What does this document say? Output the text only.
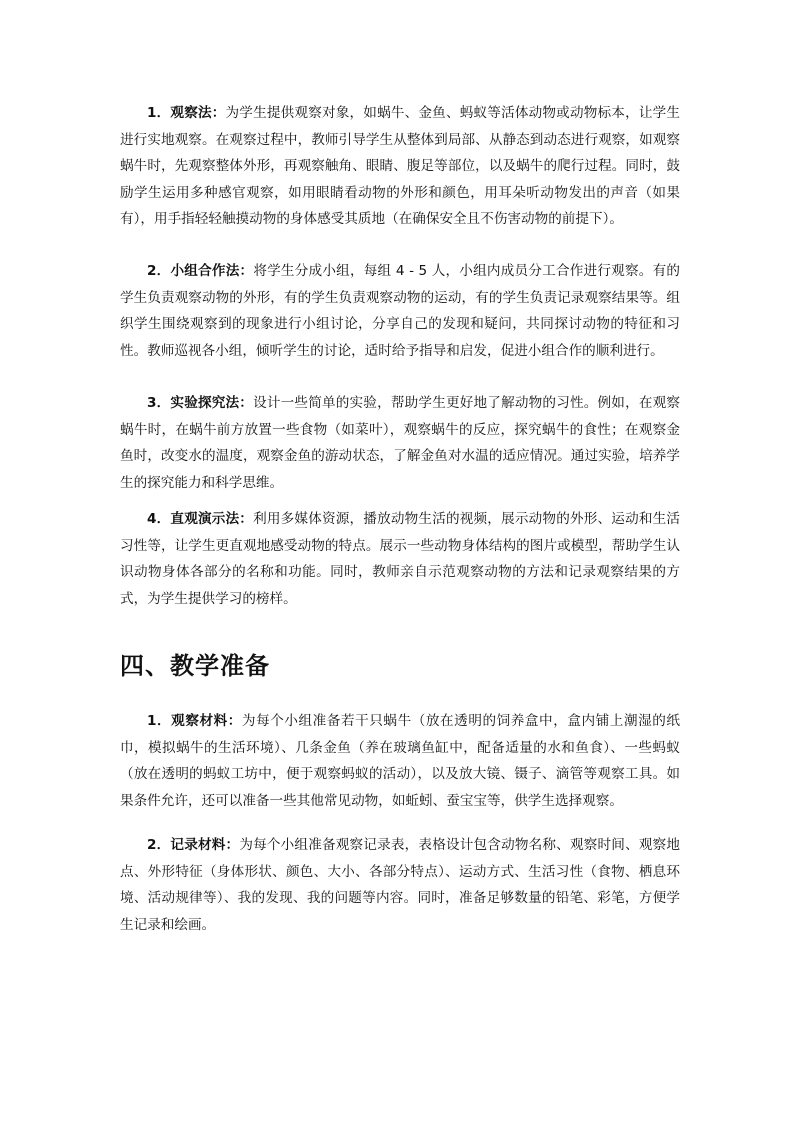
1．观察法：为学生提供观察对象，如蜗牛、金鱼、蚂蚁等活体动物或动物标本，让学生进行实地观察。在观察过程中，教师引导学生从整体到局部、从静态到动态进行观察，如观察蜗牛时，先观察整体外形，再观察触角、眼睛、腹足等部位，以及蜗牛的爬行过程。同时，鼓励学生运用多种感官观察，如用眼睛看动物的外形和颜色，用耳朵听动物发出的声音（如果有），用手指轻轻触摸动物的身体感受其质地（在确保安全且不伤害动物的前提下）。

2．小组合作法：将学生分成小组，每组 4 - 5 人，小组内成员分工合作进行观察。有的学生负责观察动物的外形，有的学生负责观察动物的运动，有的学生负责记录观察结果等。组织学生围绕观察到的现象进行小组讨论，分享自己的发现和疑问，共同探讨动物的特征和习性。教师巡视各小组，倾听学生的讨论，适时给予指导和启发，促进小组合作的顺利进行。

3．实验探究法：设计一些简单的实验，帮助学生更好地了解动物的习性。例如，在观察蜗牛时，在蜗牛前方放置一些食物（如菜叶），观察蜗牛的反应，探究蜗牛的食性；在观察金鱼时，改变水的温度，观察金鱼的游动状态，了解金鱼对水温的适应情况。通过实验，培养学生的探究能力和科学思维。

4．直观演示法：利用多媒体资源，播放动物生活的视频，展示动物的外形、运动和生活习性等，让学生更直观地感受动物的特点。展示一些动物身体结构的图片或模型，帮助学生认识动物身体各部分的名称和功能。同时，教师亲自示范观察动物的方法和记录观察结果的方式，为学生提供学习的榜样。

四、教学准备

1．观察材料：为每个小组准备若干只蜗牛（放在透明的饲养盒中，盒内铺上潮湿的纸巾，模拟蜗牛的生活环境）、几条金鱼（养在玻璃鱼缸中，配备适量的水和鱼食）、一些蚂蚁（放在透明的蚂蚁工坊中，便于观察蚂蚁的活动），以及放大镜、镊子、滴管等观察工具。如果条件允许，还可以准备一些其他常见动物，如蚯蚓、蚕宝宝等，供学生选择观察。

2．记录材料：为每个小组准备观察记录表，表格设计包含动物名称、观察时间、观察地点、外形特征（身体形状、颜色、大小、各部分特点）、运动方式、生活习性（食物、栖息环境、活动规律等）、我的发现、我的问题等内容。同时，准备足够数量的铅笔、彩笔，方便学生记录和绘画。
